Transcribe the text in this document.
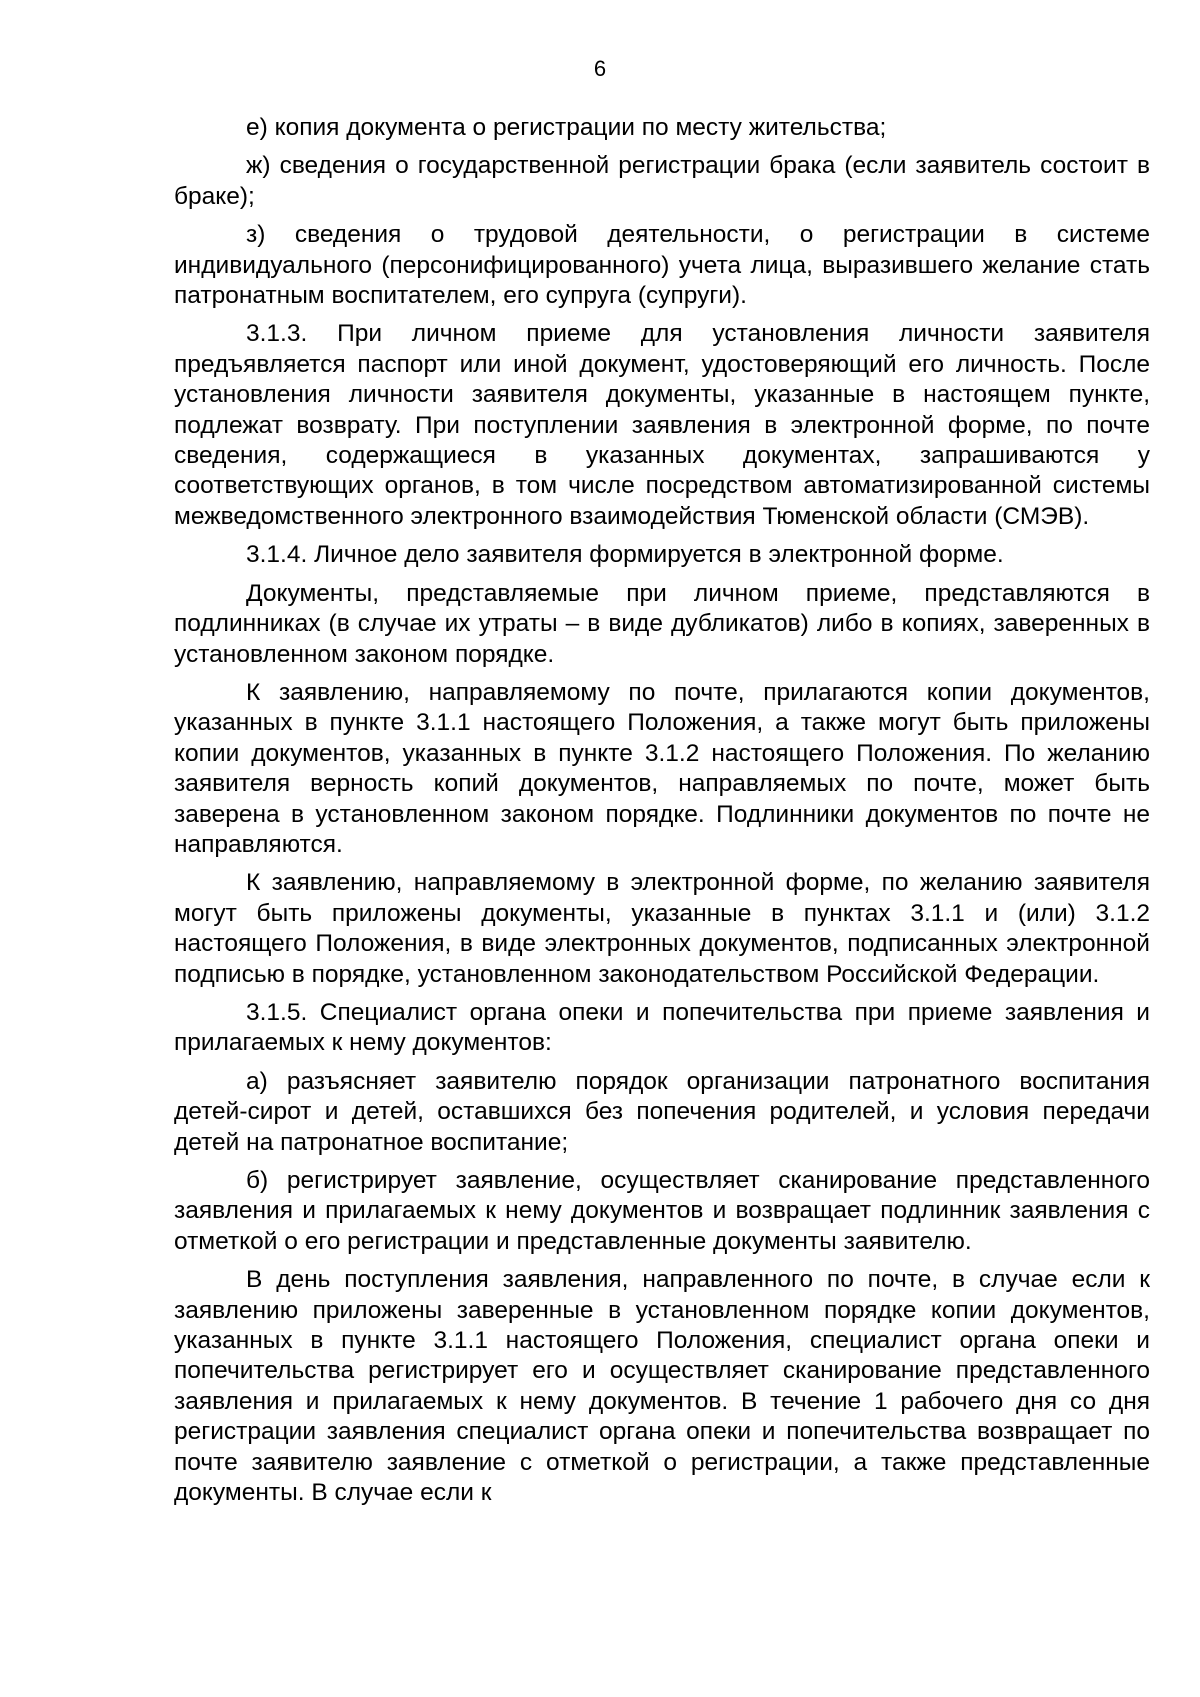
6

е) копия документа о регистрации по месту жительства;

ж) сведения о государственной регистрации брака (если заявитель состоит в браке);

з) сведения о трудовой деятельности, о регистрации в системе индивидуального (персонифицированного) учета лица, выразившего желание стать патронатным воспитателем, его супруга (супруги).

3.1.3. При личном приеме для установления личности заявителя предъявляется паспорт или иной документ, удостоверяющий его личность. После установления личности заявителя документы, указанные в настоящем пункте, подлежат возврату. При поступлении заявления в электронной форме, по почте сведения, содержащиеся в указанных документах, запрашиваются у соответствующих органов, в том числе посредством автоматизированной системы межведомственного электронного взаимодействия Тюменской области (СМЭВ).

3.1.4. Личное дело заявителя формируется в электронной форме.

Документы, представляемые при личном приеме, представляются в подлинниках (в случае их утраты – в виде дубликатов) либо в копиях, заверенных в установленном законом порядке.

К заявлению, направляемому по почте, прилагаются копии документов, указанных в пункте 3.1.1 настоящего Положения, а также могут быть приложены копии документов, указанных в пункте 3.1.2 настоящего Положения. По желанию заявителя верность копий документов, направляемых по почте, может быть заверена в установленном законом порядке. Подлинники документов по почте не направляются.

К заявлению, направляемому в электронной форме, по желанию заявителя могут быть приложены документы, указанные в пунктах 3.1.1 и (или) 3.1.2 настоящего Положения, в виде электронных документов, подписанных электронной подписью в порядке, установленном законодательством Российской Федерации.

3.1.5. Специалист органа опеки и попечительства при приеме заявления и прилагаемых к нему документов:

а) разъясняет заявителю порядок организации патронатного воспитания детей-сирот и детей, оставшихся без попечения родителей, и условия передачи детей на патронатное воспитание;

б) регистрирует заявление, осуществляет сканирование представленного заявления и прилагаемых к нему документов и возвращает подлинник заявления с отметкой о его регистрации и представленные документы заявителю.

В день поступления заявления, направленного по почте, в случае если к заявлению приложены заверенные в установленном порядке копии документов, указанных в пункте 3.1.1 настоящего Положения, специалист органа опеки и попечительства регистрирует его и осуществляет сканирование представленного заявления и прилагаемых к нему документов. В течение 1 рабочего дня со дня регистрации заявления специалист органа опеки и попечительства возвращает по почте заявителю заявление с отметкой о регистрации, а также представленные документы. В случае если к
